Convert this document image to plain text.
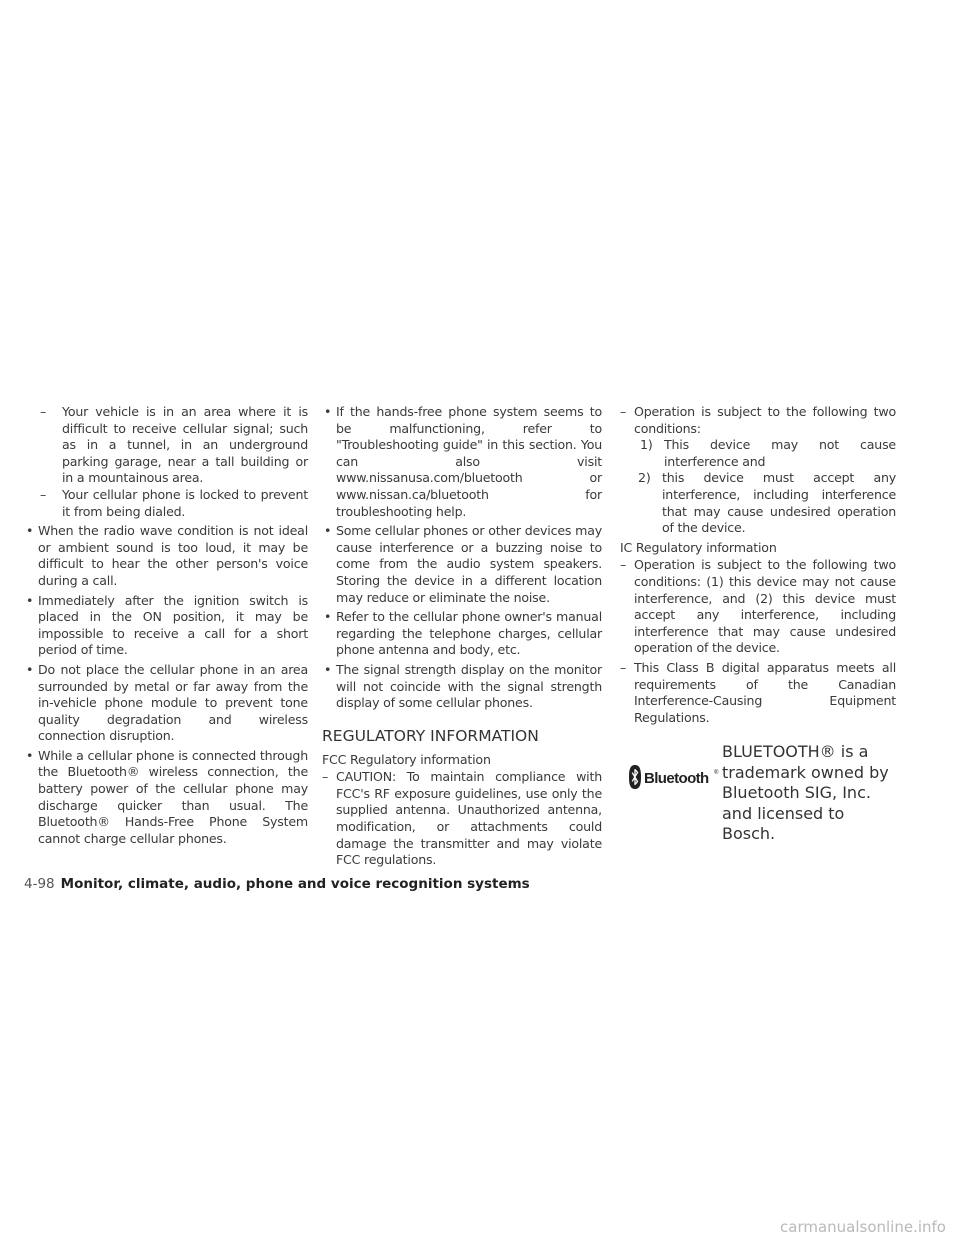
– Your vehicle is in an area where it is difficult to receive cellular signal; such as in a tunnel, in an underground parking garage, near a tall building or in a mountainous area.
– Your cellular phone is locked to prevent it from being dialed.
• When the radio wave condition is not ideal or ambient sound is too loud, it may be difficult to hear the other person's voice during a call.
• Immediately after the ignition switch is placed in the ON position, it may be impossible to receive a call for a short period of time.
• Do not place the cellular phone in an area surrounded by metal or far away from the in-vehicle phone module to prevent tone quality degradation and wireless connection disruption.
• While a cellular phone is connected through the Bluetooth® wireless connection, the battery power of the cellular phone may discharge quicker than usual. The Bluetooth® Hands-Free Phone System cannot charge cellular phones.
• If the hands-free phone system seems to be malfunctioning, refer to "Troubleshooting guide" in this section. You can also visit www.nissanusa.com/bluetooth or www.nissan.ca/bluetooth for troubleshooting help.
• Some cellular phones or other devices may cause interference or a buzzing noise to come from the audio system speakers. Storing the device in a different location may reduce or eliminate the noise.
• Refer to the cellular phone owner's manual regarding the telephone charges, cellular phone antenna and body, etc.
• The signal strength display on the monitor will not coincide with the signal strength display of some cellular phones.
REGULATORY INFORMATION
FCC Regulatory information
– CAUTION: To maintain compliance with FCC's RF exposure guidelines, use only the supplied antenna. Unauthorized antenna, modification, or attachments could damage the transmitter and may violate FCC regulations.
– Operation is subject to the following two conditions:
1) This device may not cause interference and
2) this device must accept any interference, including interference that may cause undesired operation of the device.
IC Regulatory information
– Operation is subject to the following two conditions: (1) this device may not cause interference, and (2) this device must accept any interference, including interference that may cause undesired operation of the device.
– This Class B digital apparatus meets all requirements of the Canadian Interference-Causing Equipment Regulations.
Bluetooth ®
BLUETOOTH® is a trademark owned by Bluetooth SIG, Inc. and licensed to Bosch.
4-98 Monitor, climate, audio, phone and voice recognition systems
carmanualsonline.info
